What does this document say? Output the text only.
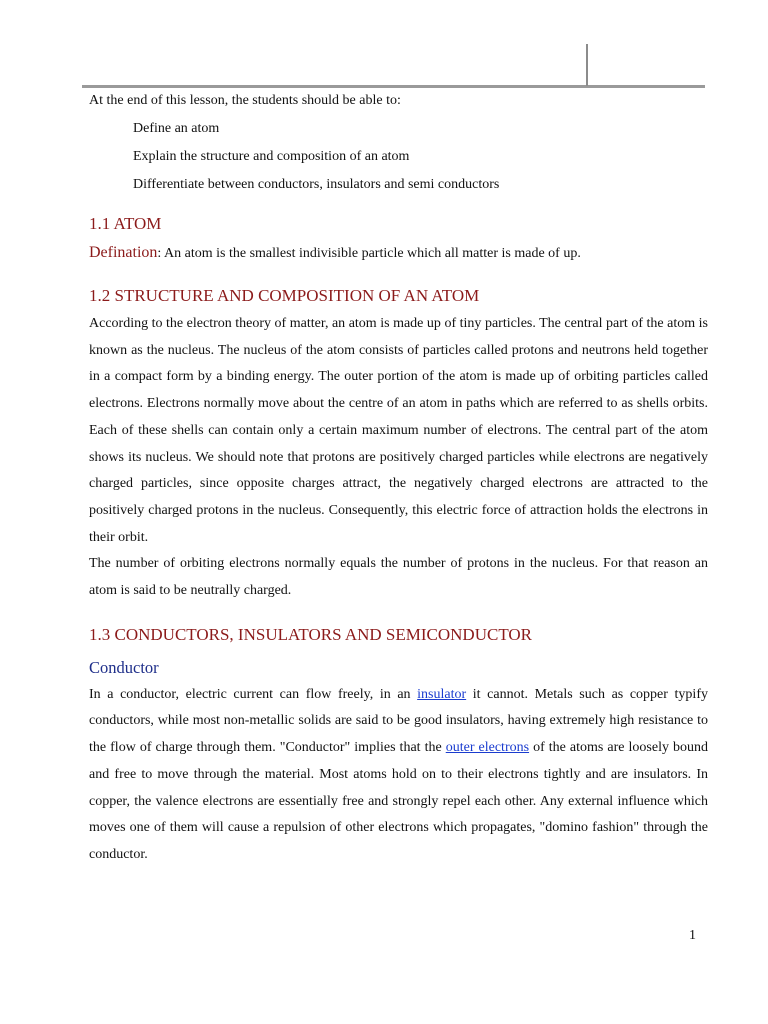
At the end of this lesson, the students should be able to:

Define an atom
Explain the structure and composition of an atom
Differentiate between conductors, insulators and semi conductors
1.1 ATOM

Defination: An atom is the smallest indivisible particle which all matter is made of up.

1.2 STRUCTURE AND COMPOSITION OF AN ATOM

According to the electron theory of matter, an atom is made up of tiny particles. The central part of the atom is known as the nucleus. The nucleus of the atom consists of particles called protons and neutrons held together in a compact form by a binding energy. The outer portion of the atom is made up of orbiting particles called electrons. Electrons normally move about the centre of an atom in paths which are referred to as shells orbits. Each of these shells can contain only a certain maximum number of electrons. The central part of the atom shows its nucleus. We should note that protons are positively charged particles while electrons are negatively charged particles, since opposite charges attract, the negatively charged electrons are attracted to the positively charged protons in the nucleus. Consequently, this electric force of attraction holds the electrons in their orbit.

The number of orbiting electrons normally equals the number of protons in the nucleus. For that reason an atom is said to be neutrally charged.

1.3 CONDUCTORS, INSULATORS AND SEMICONDUCTOR
Conductor

In a conductor, electric current can flow freely, in an insulator it cannot. Metals such as copper typify conductors, while most non-metallic solids are said to be good insulators, having extremely high resistance to the flow of charge through them. "Conductor" implies that the outer electrons of the atoms are loosely bound and free to move through the material. Most atoms hold on to their electrons tightly and are insulators. In copper, the valence electrons are essentially free and strongly repel each other. Any external influence which moves one of them will cause a repulsion of other electrons which propagates, "domino fashion" through the conductor.

1
